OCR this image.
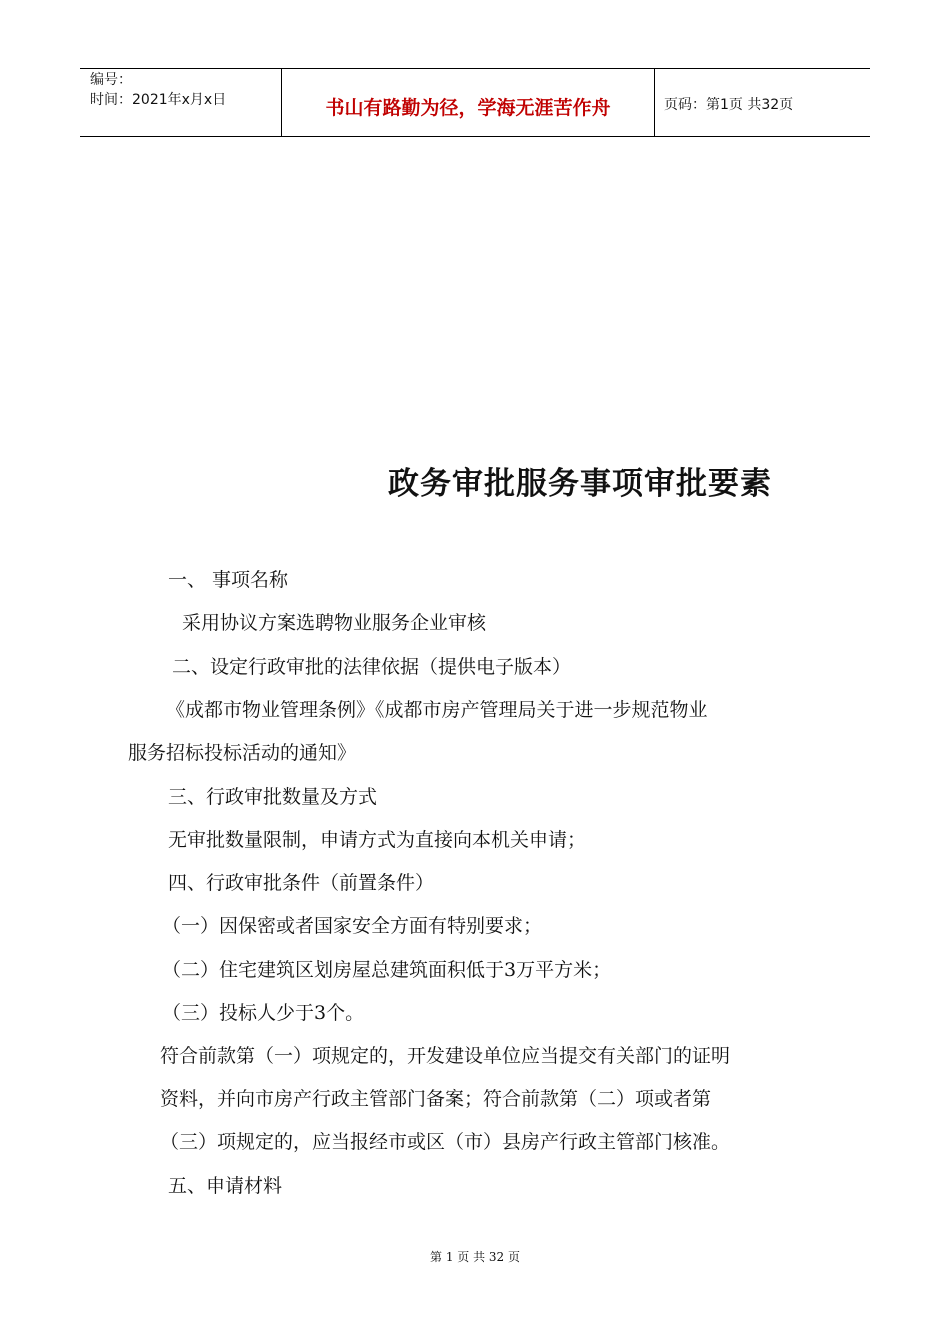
编号：
时间：2021年x月x日	书山有路勤为径，学海无涯苦作舟	页码：第1页 共32页
政务审批服务事项审批要素
一、 事项名称
采用协议方案选聘物业服务企业审核
二、设定行政审批的法律依据（提供电子版本）
《成都市物业管理条例》《成都市房产管理局关于进一步规范物业
服务招标投标活动的通知》
三、行政审批数量及方式
无审批数量限制，申请方式为直接向本机关申请；
四、行政审批条件（前置条件）
（一）因保密或者国家安全方面有特别要求；
（二）住宅建筑区划房屋总建筑面积低于3万平方米；
（三）投标人少于3个。
符合前款第（一）项规定的，开发建设单位应当提交有关部门的证明
资料，并向市房产行政主管部门备案；符合前款第（二）项或者第
（三）项规定的，应当报经市或区（市）县房产行政主管部门核准。
五、申请材料
第 1 页 共 32 页
